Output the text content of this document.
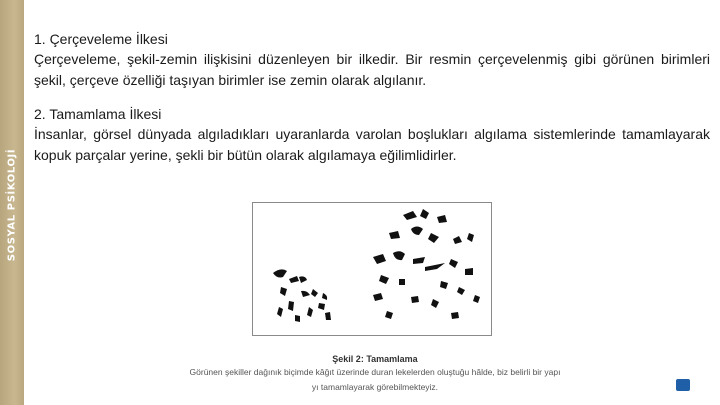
SOSYAL PSİKOLOJİ
1. Çerçeveleme İlkesi
Çerçeveleme, şekil-zemin ilişkisini düzenleyen bir ilkedir. Bir resmin çerçevelenmiş gibi görünen birimleri şekil, çerçeve özelliği taşıyan birimler ise zemin olarak algılanır.
2. Tamamlama İlkesi
İnsanlar, görsel dünyada algıladıkları uyaranlarda varolan boşlukları algılama sistemlerinde tamamlayarak kopuk parçalar yerine, şekli bir bütün olarak algılamaya eğilimlidirler.
Şekil 2: Tamamlama
Görünen şekiller dağınık biçimde kâğıt üzerinde duran lekelerden oluştuğu hâlde, biz belirli bir yapı
yı tamamlayarak görebilmekteyiz.
